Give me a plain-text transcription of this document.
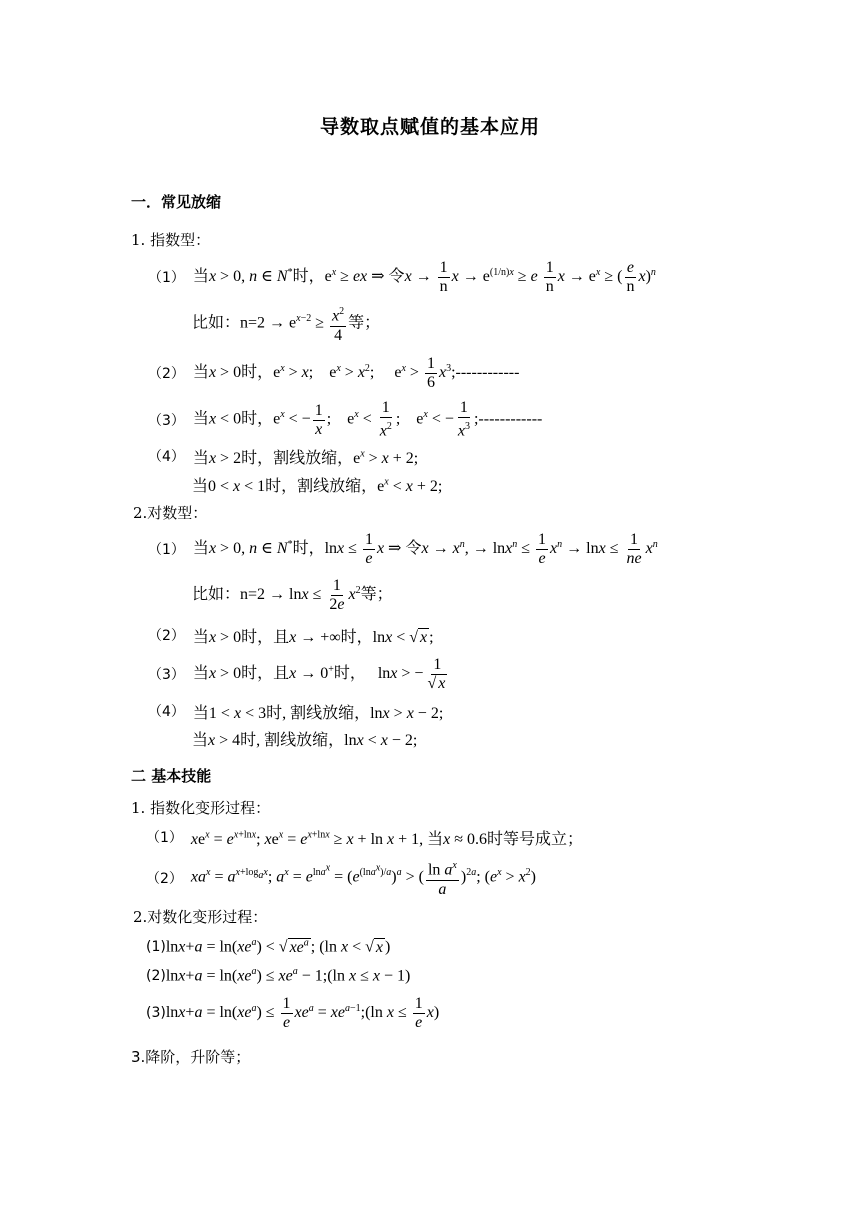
导数取点赋值的基本应用
一．常见放缩
1. 指数型：
（1） 当x > 0, n ∈ N*时，$e^x$ ≥ ex ⇒ 令$x \to \frac{1}{n}$ $x \to e^{(1/n)x} \ge e \frac{1}{n}$ $x \to e^x$ ≥ ( $\frac{e}{n} x)^n$
比如：$n=2 \to e^{x-2} \ge \frac{x^2}{4}$ 等；
（2） 当x > 0时，$e^x > x$;    $e^x > x^2$;     $e^x > \frac{1}{6}$ $x^3;------------$
（3） 当x < 0时，$e^x$ < − $\frac{1}{x}$ ;    $e^x < \frac{1}{x^2}$ ;    $e^x$ < − $\frac{1}{x^3}$ ;------------
（4） 当x > 2时，割线放缩，$e^x > x + 2$;
当0 < x < 1时，割线放缩，$e^x < x + 2$;
2.对数型：
（1） 当x > 0, n ∈ N*时，$\ln x \le \frac{1}{e}$ x ⇒ 令$x \to x^n$, → $\ln x^n \le \frac{1}{e} x^n \to \ln x \le \frac{1}{ne} x^n$
比如：$n=2 \to \ln x \le \frac{1}{2e} x^2$等；
（2） 当x > 0时，且x → +∞时，lnx < √ x ;
（3） 当x > 0时，且x → 0+时，   lnx > − $\frac{1}{√ x}$
（4） 当1 < x < 3时, 割线放缩，lnx > x − 2;
当x > 4时, 割线放缩，lnx < x − 2;
二 基本技能
1. 指数化变形过程：
（1） $xe^x = e^{x+lnx}$; $xe^x = e^{x+lnx} \ge x + \ln x + 1$, 当x ≈ 0.6时等号成立；
（2） $xa^x = a^{x+log_ax}$; $a^x = e^{lna^x} = (e^{(lna^x)/a})^a$ > ( $\frac{\ln a^x}{a} )^{2a}$; $(e^x > x^2)$
2.对数化变形过程：
(1) $\ln x+a = \ln(xe^a)$ < √ $xe^a$ ; (ln x < √ x )
(2) $\ln x+a = \ln(xe^a) \le xe^a$ − 1;(ln x ≤ x − 1)
(3) $\ln x+a = \ln(xe^a) \le \frac{1}{e} xe^a$ = $xe^{a-1};(\ln$ $x \le \frac{1}{e} x$)
3.降阶，升阶等；
